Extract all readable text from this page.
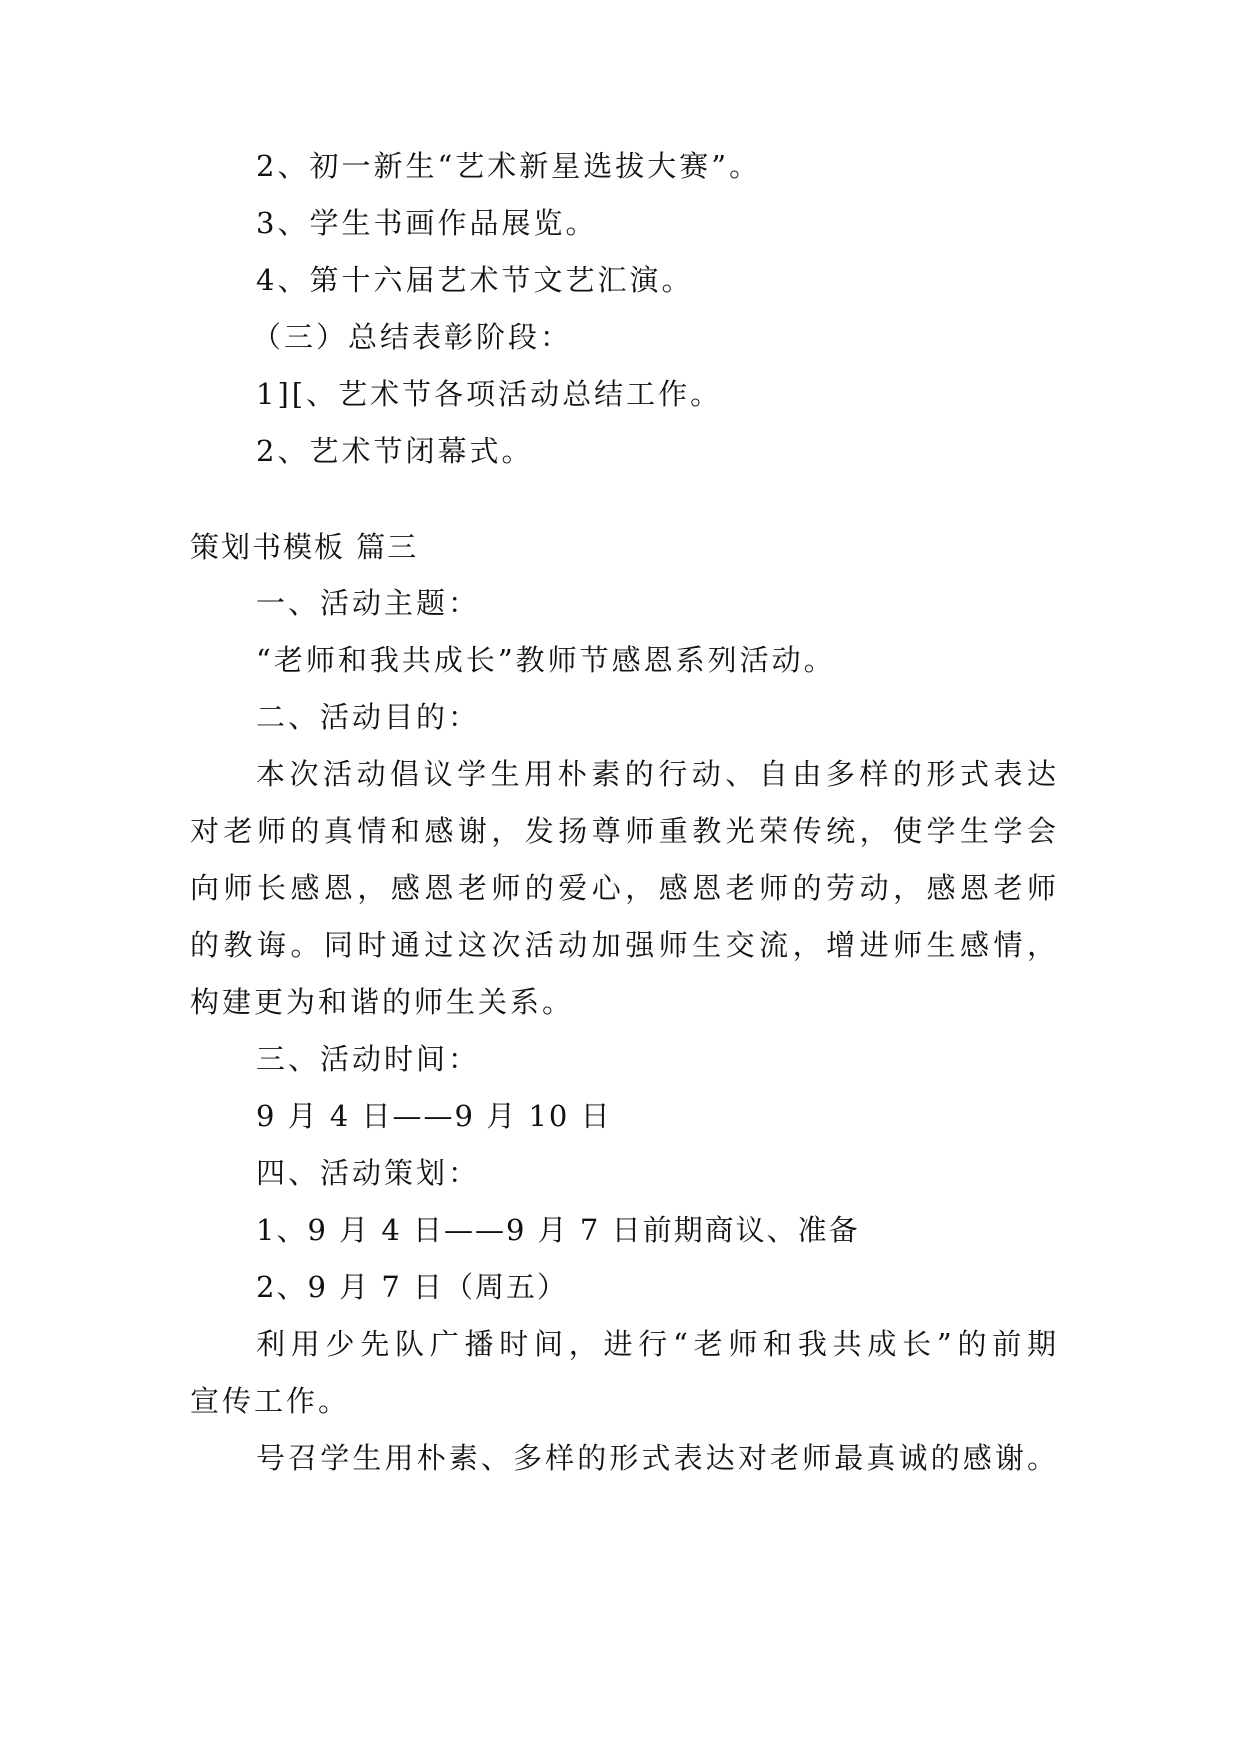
2、初一新生“艺术新星选拔大赛”。
3、学生书画作品展览。
4、第十六届艺术节文艺汇演。
（三）总结表彰阶段：
1][、艺术节各项活动总结工作。
2、艺术节闭幕式。
策划书模板 篇三
一、活动主题：
“老师和我共成长”教师节感恩系列活动。
二、活动目的：
本次活动倡议学生用朴素的行动、自由多样的形式表达
对老师的真情和感谢，发扬尊师重教光荣传统，使学生学会
向师长感恩，感恩老师的爱心，感恩老师的劳动，感恩老师
的教诲。同时通过这次活动加强师生交流，增进师生感情，
构建更为和谐的师生关系。
三、活动时间：
9 月 4 日——9 月 10 日
四、活动策划：
1、9 月 4 日——9 月 7 日前期商议、准备
2、9 月 7 日（周五）
利用少先队广播时间，进行“老师和我共成长”的前期
宣传工作。
号召学生用朴素、多样的形式表达对老师最真诚的感谢。
